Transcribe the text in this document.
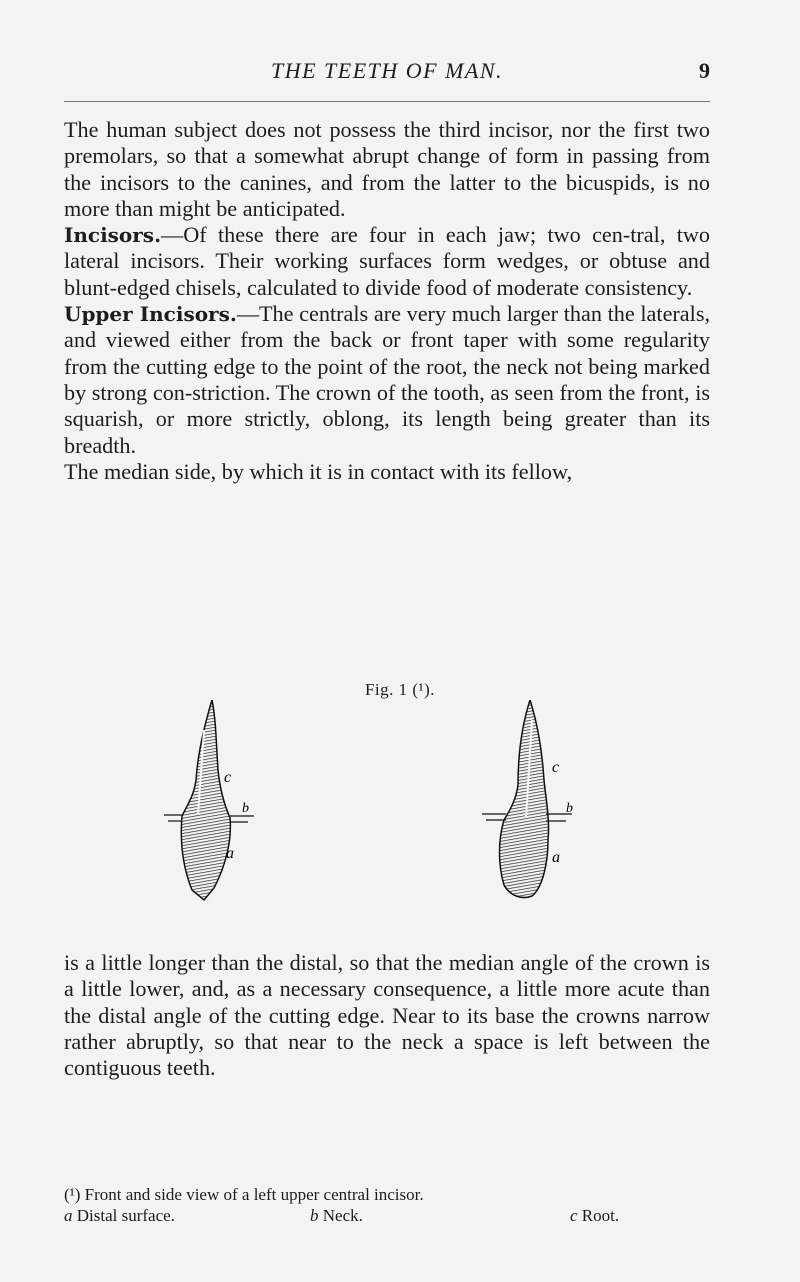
THE TEETH OF MAN.	9

The human subject does not possess the third incisor, nor the first two premolars, so that a somewhat abrupt change of form in passing from the incisors to the canines, and from the latter to the bicuspids, is no more than might be anticipated.

Incisors.—Of these there are four in each jaw; two cen-tral, two lateral incisors. Their working surfaces form wedges, or obtuse and blunt-edged chisels, calculated to divide food of moderate consistency.

Upper Incisors.—The centrals are very much larger than the laterals, and viewed either from the back or front taper with some regularity from the cutting edge to the point of the root, the neck not being marked by strong con-striction. The crown of the tooth, as seen from the front, is squarish, or more strictly, oblong, its length being greater than its breadth.

The median side, by which it is in contact with its fellow,

Fig. 1 (¹).
c
b
a
c
b
a

is a little longer than the distal, so that the median angle of the crown is a little lower, and, as a necessary consequence, a little more acute than the distal angle of the cutting edge. Near to its base the crowns narrow rather abruptly, so that near to the neck a space is left between the contiguous teeth.

(¹) Front and side view of a left upper central incisor.
a Distal surface.	b Neck.	c Root.
